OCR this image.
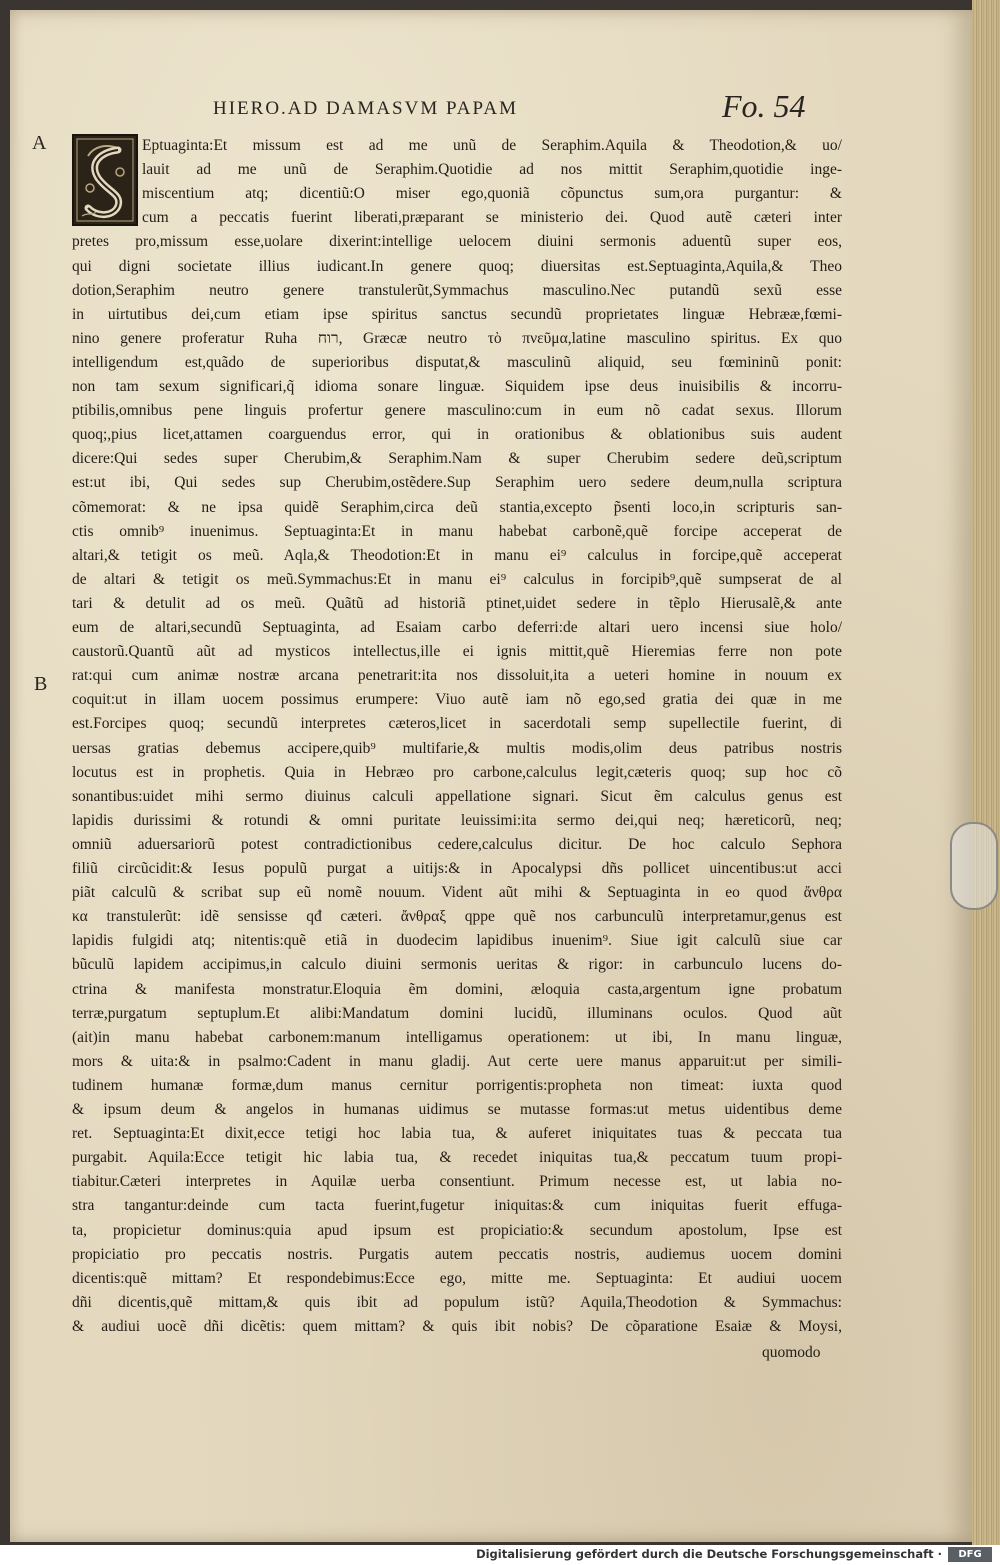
HIERO.AD DAMASVM PAPAM	Fo. 54
A
B
Eptuaginta:Et missum est ad me unũ de Seraphim.Aquila & Theodotion,& uo/
lauit ad me unũ de Seraphim.Quotidie ad nos mittit Seraphim,quotidie inge-
miscentium atq; dicentiũ:O miser ego,quoniã cõpunctus sum,ora purgantur: &
cum a peccatis fuerint liberati,præparant se ministerio dei. Quod autẽ cæteri inter
pretes pro,missum esse,uolare dixerint:intellige uelocem diuini sermonis aduentũ super eos,
qui digni societate illius iudicant.In genere quoq; diuersitas est.Septuaginta,Aquila,& Theo
dotion,Seraphim neutro genere transtulerũt,Symmachus masculino.Nec putandũ sexũ esse
in uirtutibus dei,cum etiam ipse spiritus sanctus secundũ proprietates linguæ Hebrææ,fœmi-
nino genere proferatur Ruha רוח, Græcæ neutro τὸ πνεῦμα,latine masculino spiritus. Ex quo
intelligendum est,quãdo de superioribus disputat,& masculinũ aliquid, seu fœmininũ ponit:
non tam sexum significari,q̃ idioma sonare linguæ. Siquidem ipse deus inuisibilis & incorru-
ptibilis,omnibus pene linguis profertur genere masculino:cum in eum nõ cadat sexus. Illorum
quoq;,pius licet,attamen coarguendus error, qui in orationibus & oblationibus suis audent
dicere:Qui sedes super Cherubim,& Seraphim.Nam & super Cherubim sedere deũ,scriptum
est:ut ibi, Qui sedes sup Cherubim,ostẽdere.Sup Seraphim uero sedere deum,nulla scriptura
cõmemorat: & ne ipsa quidẽ Seraphim,circa deũ stantia,excepto p̃senti loco,in scripturis san-
ctis omnib⁹ inuenimus. Septuaginta:Et in manu habebat carbonẽ,quẽ forcipe acceperat de
altari,& tetigit os meũ. Aqla,& Theodotion:Et in manu ei⁹ calculus in forcipe,quẽ acceperat
de altari & tetigit os meũ.Symmachus:Et in manu ei⁹ calculus in forcipib⁹,quẽ sumpserat de al
tari & detulit ad os meũ. Quãtũ ad historiã ptinet,uidet sedere in tẽplo Hierusalẽ,& ante
eum de altari,secundũ Septuaginta, ad Esaiam carbo deferri:de altari uero incensi siue holo/
caustorũ.Quantũ aũt ad mysticos intellectus,ille ei ignis mittit,quẽ Hieremias ferre non pote
rat:qui cum animæ nostræ arcana penetrarit:ita nos dissoluit,ita a ueteri homine in nouum ex
coquit:ut in illam uocem possimus erumpere: Viuo autẽ iam nõ ego,sed gratia dei quæ in me
est.Forcipes quoq; secundũ interpretes cæteros,licet in sacerdotali semp supellectile fuerint, di
uersas gratias debemus accipere,quib⁹ multifarie,& multis modis,olim deus patribus nostris
locutus est in prophetis. Quia in Hebræo pro carbone,calculus legit,cæteris quoq; sup hoc cõ
sonantibus:uidet mihi sermo diuinus calculi appellatione signari. Sicut ẽm calculus genus est
lapidis durissimi & rotundi & omni puritate leuissimi:ita sermo dei,qui neq; hæreticorũ, neq;
omniũ aduersariorũ potest contradictionibus cedere,calculus dicitur. De hoc calculo Sephora
filiũ circũcidit:& Iesus populũ purgat a uitijs:& in Apocalypsi dñs pollicet uincentibus:ut acci
piãt calculũ & scribat sup eũ nomẽ nouum. Vident aũt mihi & Septuaginta in eo quod ἄνθρα
κα transtulerũt: idẽ sensisse qđ cæteri. ἄνθραξ qppe quẽ nos carbunculũ interpretamur,genus est
lapidis fulgidi atq; nitentis:quẽ etiã in duodecim lapidibus inuenim⁹. Siue igit calculũ siue car
bũculũ lapidem accipimus,in calculo diuini sermonis ueritas & rigor: in carbunculo lucens do-
ctrina & manifesta monstratur.Eloquia ẽm domini, æloquia casta,argentum igne probatum
terræ,purgatum septuplum.Et alibi:Mandatum domini lucidũ, illuminans oculos. Quod aũt
(ait)in manu habebat carbonem:manum intelligamus operationem: ut ibi, In manu linguæ,
mors & uita:& in psalmo:Cadent in manu gladij. Aut certe uere manus apparuit:ut per simili-
tudinem humanæ formæ,dum manus cernitur porrigentis:propheta non timeat: iuxta quod
& ipsum deum & angelos in humanas uidimus se mutasse formas:ut metus uidentibus deme
ret. Septuaginta:Et dixit,ecce tetigi hoc labia tua, & auferet iniquitates tuas & peccata tua
purgabit. Aquila:Ecce tetigit hic labia tua, & recedet iniquitas tua,& peccatum tuum propi-
tiabitur.Cæteri interpretes in Aquilæ uerba consentiunt. Primum necesse est, ut labia no-
stra tangantur:deinde cum tacta fuerint,fugetur iniquitas:& cum iniquitas fuerit effuga-
ta, propicietur dominus:quia apud ipsum est propiciatio:& secundum apostolum, Ipse est
propiciatio pro peccatis nostris. Purgatis autem peccatis nostris, audiemus uocem domini
dicentis:quẽ mittam? Et respondebimus:Ecce ego, mitte me. Septuaginta: Et audiui uocem
dñi dicentis,quẽ mittam,& quis ibit ad populum istũ? Aquila,Theodotion & Symmachus:
& audiui uocẽ dñi dicẽtis: quem mittam? & quis ibit nobis? De cõparatione Esaiæ & Moysi,
quomodo
Digitalisierung gefördert durch die Deutsche Forschungsgemeinschaft ·	DFG
